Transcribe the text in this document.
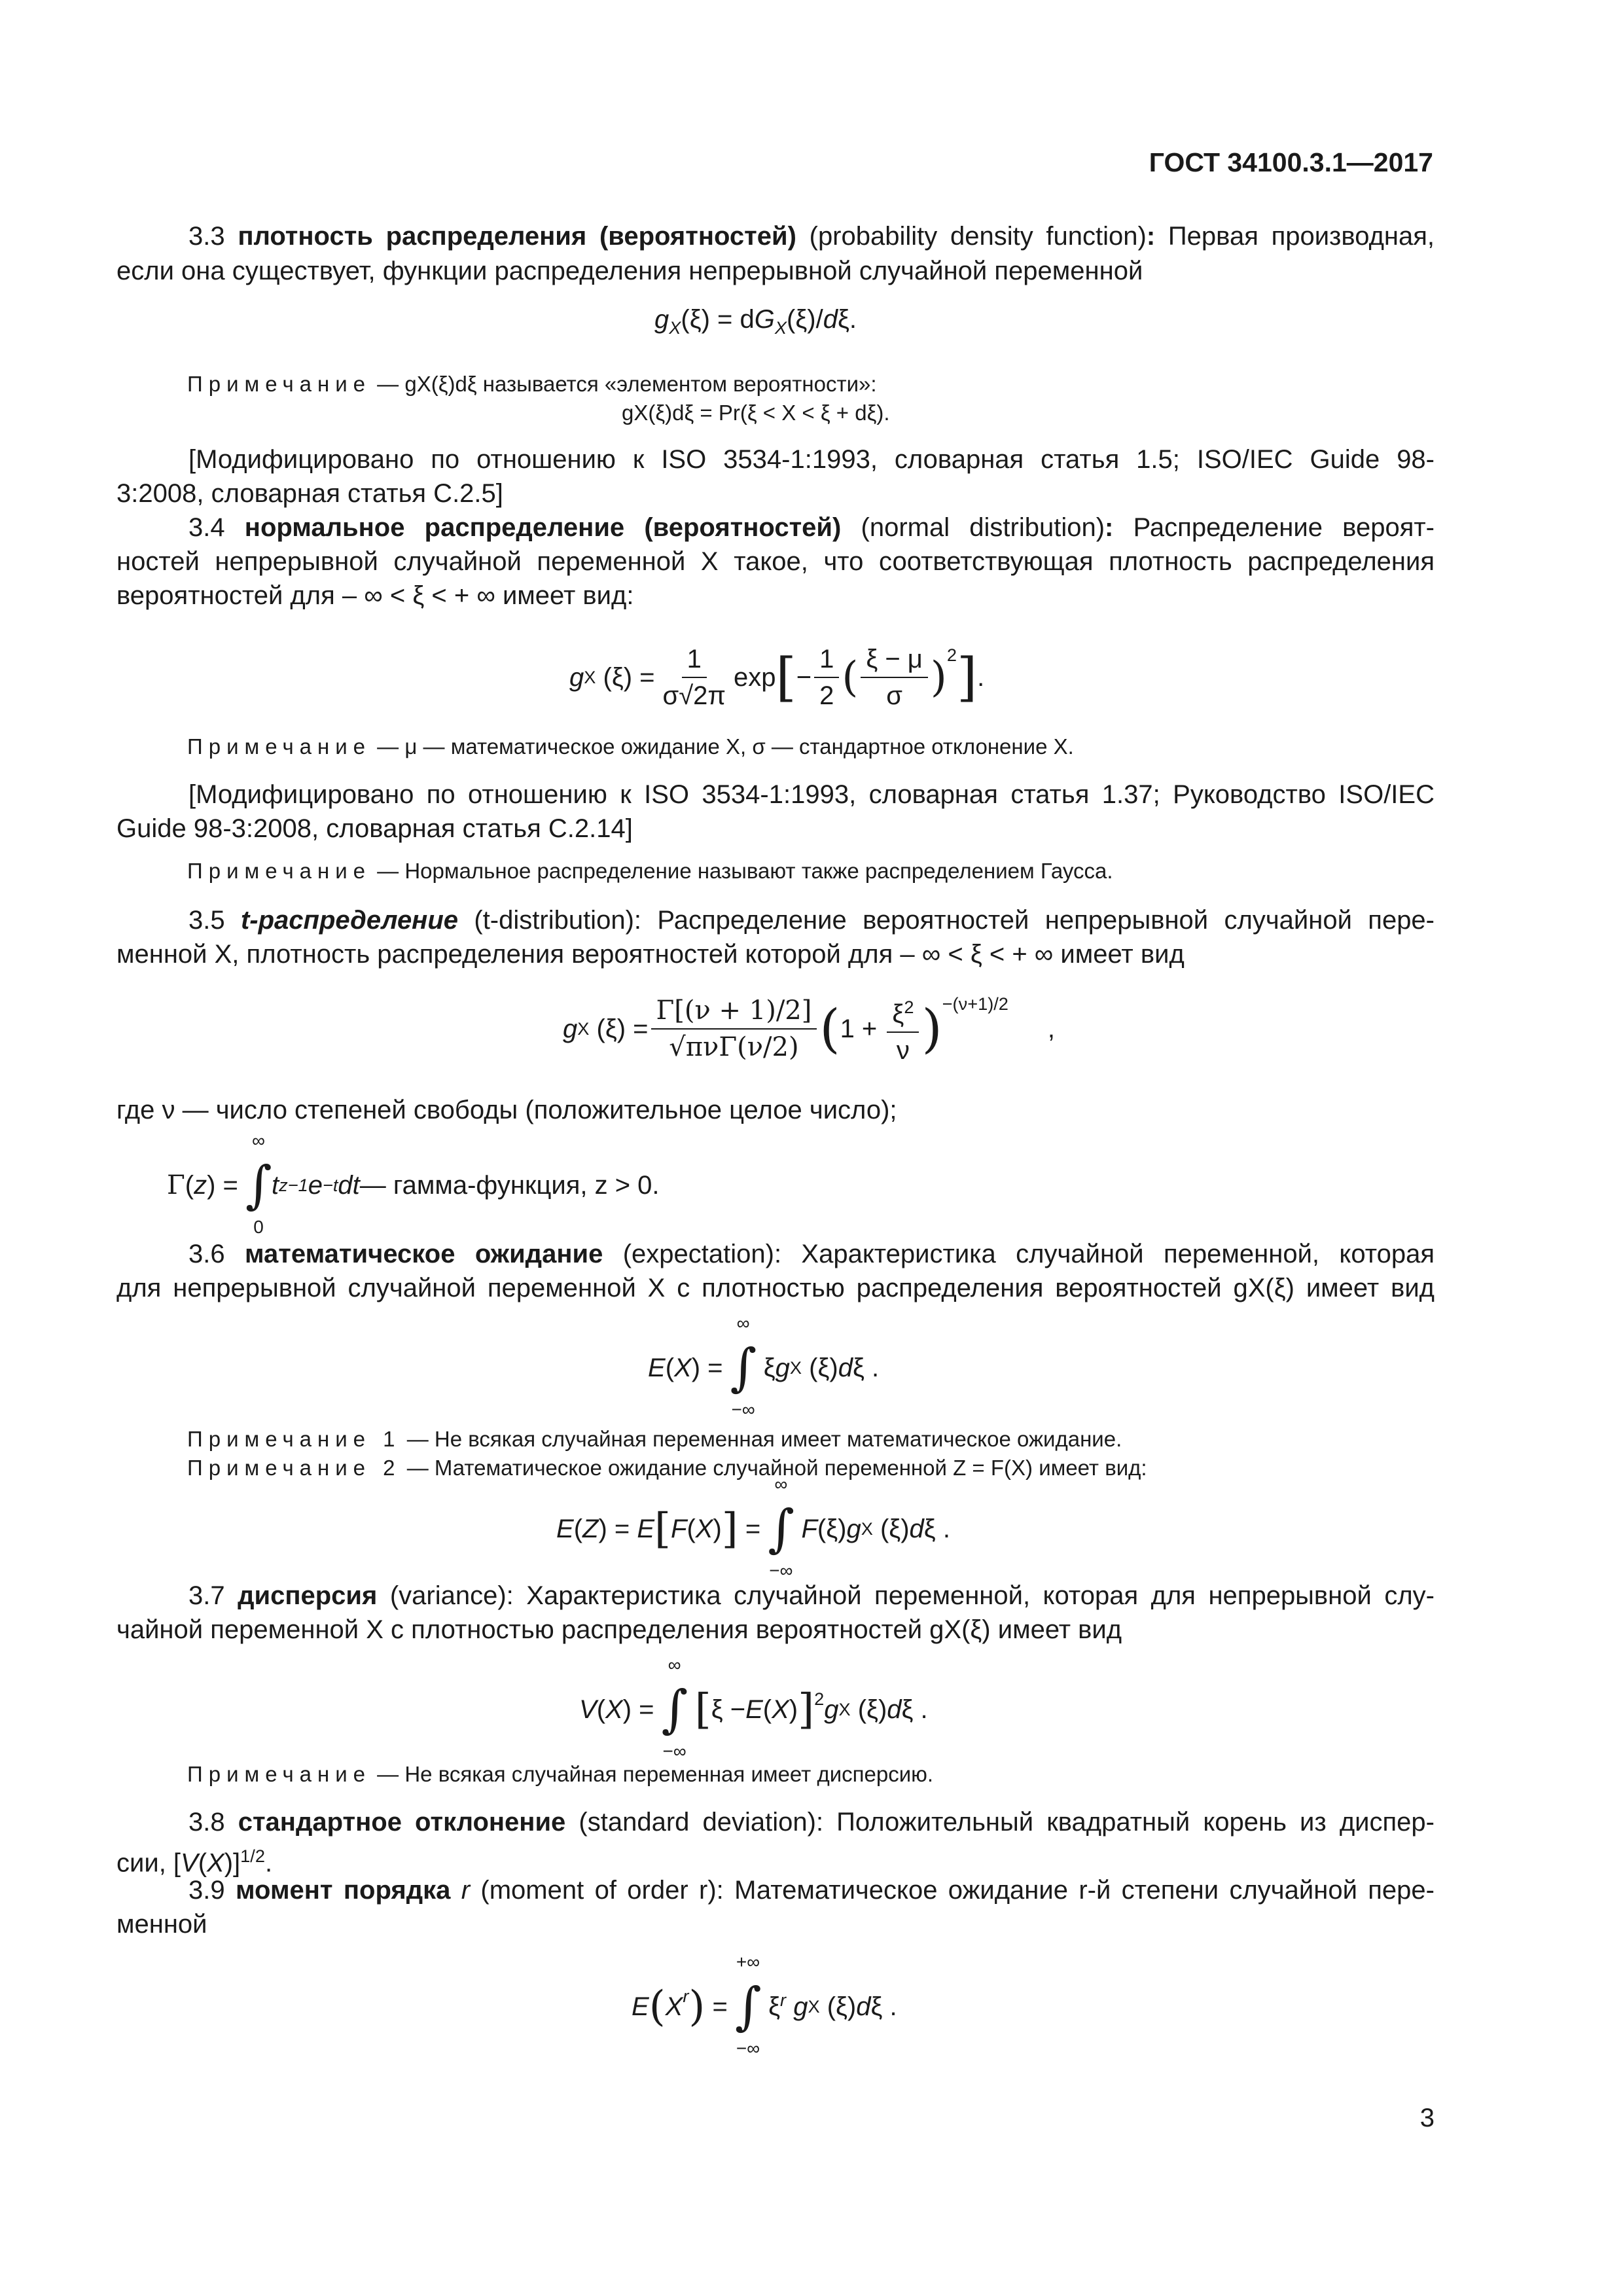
ГОСТ 34100.3.1—2017
3.3 плотность распределения (вероятностей) (probability density function): Первая производная,
если она существует, функции распределения непрерывной случайной переменной
$g_X(\xi) = dG_X(\xi)/d\xi$.
Примечание — gX(ξ)dξ называется «элементом вероятности»:
gX(ξ)dξ = Pr(ξ < X < ξ + dξ).
[Модифицировано по отношению к ISO 3534-1:1993, словарная статья 1.5; ISO/IEC Guide 98-
3:2008, словарная статья С.2.5]
3.4 нормальное распределение (вероятностей) (normal distribution): Распределение вероят-
ностей непрерывной случайной переменной X такое, что соответствующая плотность распределения
вероятностей для – ∞ < ξ < + ∞ имеет вид:
g X $(\xi) = \frac{1}{\sigma√2\pi}$ exp [ − $\frac{1}{2}$ ( $\frac{\xi - \mu}{\sigma} )^2$ ] .
Примечание — μ — математическое ожидание X, σ — стандартное отклонение X.
[Модифицировано по отношению к ISO 3534-1:1993, словарная статья 1.37; Руководство ISO/IEC
Guide 98-3:2008, словарная статья С.2.14]
Примечание — Нормальное распределение называют также распределением Гаусса.
3.5 t-распределение (t-distribution): Распределение вероятностей непрерывной случайной пере-
менной X, плотность распределения вероятностей которой для – ∞ < ξ < + ∞ имеет вид
g X $(\xi) = \frac{\Gamma[(\nu + 1)/2]}{\text{√πνΓ(ν/2)}}$ ( $1 + \frac{\xi^2}{\nu} )^{-(\nu+1)/2}$
,
где ν — число степеней свободы (положительное целое число);
Γ ( z ) =
∞
∫
0
t z−1 e −t dt — гамма-функция, z > 0.
3.6 математическое ожидание (expectation): Характеристика случайной переменной, которая
для непрерывной случайной переменной X с плотностью распределения вероятностей gX(ξ) имеет вид
E ( X ) =
∞
∫
−∞
ξ g X (ξ) d ξ .
Примечание 1 — Не всякая случайная переменная имеет математическое ожидание.
Примечание 2 — Математическое ожидание случайной переменной Z = F(X) имеет вид:
E ( Z ) = E [ F ( X ) ] =
∞
∫
−∞

F (ξ) g X (ξ) d ξ .
3.7 дисперсия (variance): Характеристика случайной переменной, которая для непрерывной слу-
чайной переменной X с плотностью распределения вероятностей gX(ξ) имеет вид
V ( X ) =
∞
∫
−∞

[ ξ − E ( X ) ]$^2$ g X (ξ) d ξ .
Примечание — Не всякая случайная переменная имеет дисперсию.
3.8 стандартное отклонение (standard deviation): Положительный квадратный корень из диспер-
сии, $[V(X)]^{1/2}$.
3.9 момент порядка r (moment of order r): Математическое ожидание r-й степени случайной пере-
менной
E ( $X^r$ ) =
+∞
∫
−∞
$\xi^r$
g X (ξ) d ξ .
3
